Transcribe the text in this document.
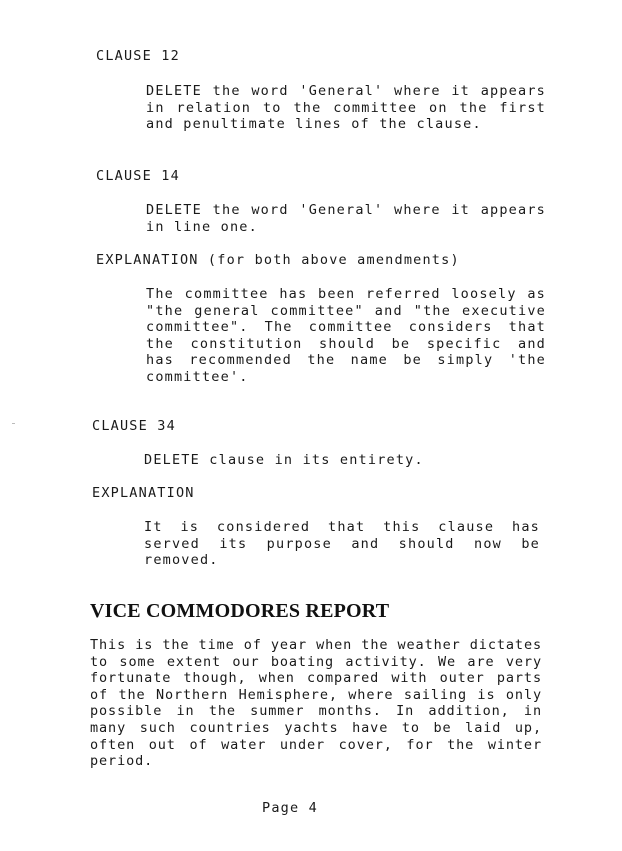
CLAUSE 12
DELETE the word 'General' where it appears in relation to the committee on the first and penultimate lines of the clause.
CLAUSE 14
DELETE the word 'General' where it appears in line one.
EXPLANATION (for both above amendments)
The committee has been referred loosely as "the general committee" and "the executive committee". The committee considers that the constitution should be specific and has recommended the name be simply 'the committee'.
CLAUSE 34
DELETE clause in its entirety.
EXPLANATION
It is considered that this clause has served its purpose and should now be removed.
VICE COMMODORES REPORT
This is the time of year when the weather dictates to some extent our boating activity. We are very fortunate though, when compared with outer parts of the Northern Hemisphere, where sailing is only possible in the summer months. In addition, in many such countries yachts have to be laid up, often out of water under cover, for the winter period.
Page 4
